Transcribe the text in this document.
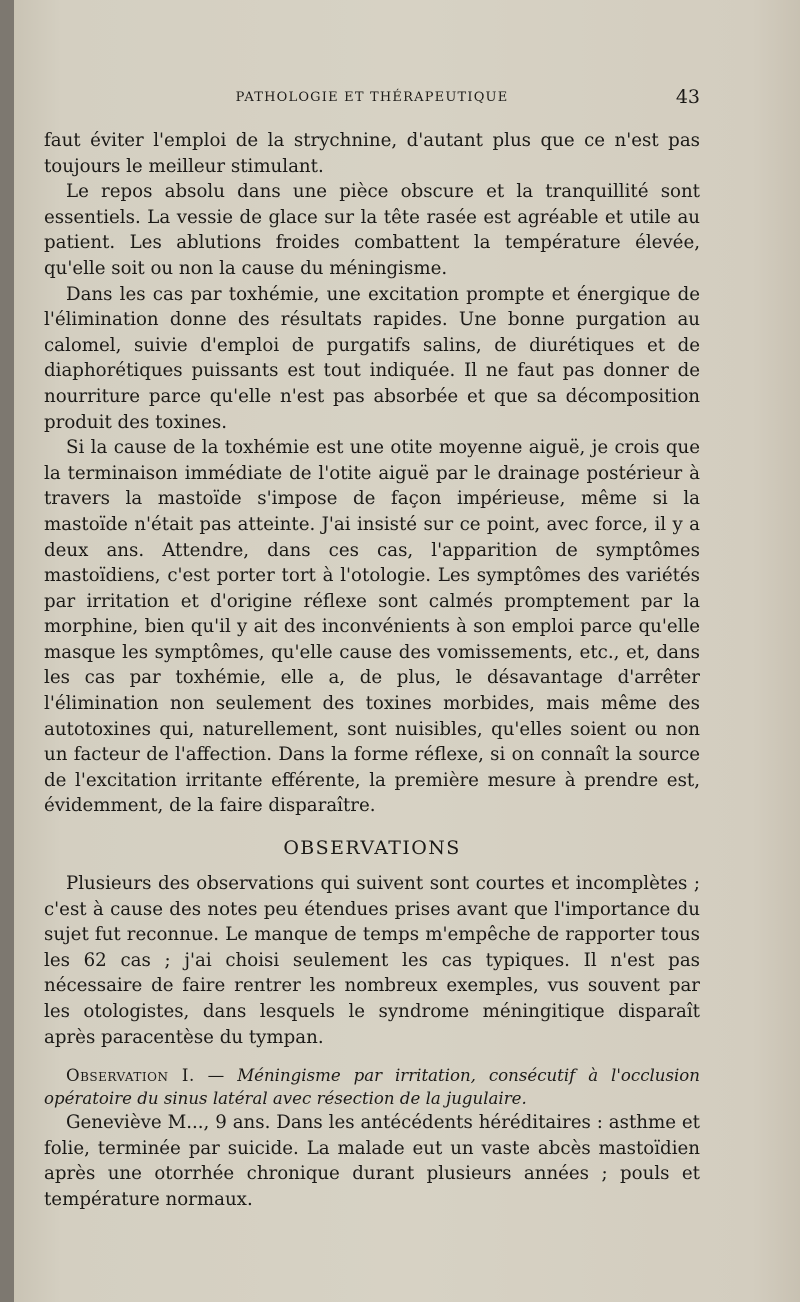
PATHOLOGIE ET THÉRAPEUTIQUE	43

faut éviter l'emploi de la strychnine, d'autant plus que ce n'est pas toujours le meilleur stimulant.

Le repos absolu dans une pièce obscure et la tranquillité sont essentiels. La vessie de glace sur la tête rasée est agréable et utile au patient. Les ablutions froides combattent la température élevée, qu'elle soit ou non la cause du méningisme.

Dans les cas par toxhémie, une excitation prompte et énergique de l'élimination donne des résultats rapides. Une bonne purgation au calomel, suivie d'emploi de purgatifs salins, de diurétiques et de diaphorétiques puissants est tout indiquée. Il ne faut pas donner de nourriture parce qu'elle n'est pas absorbée et que sa décomposition produit des toxines.

Si la cause de la toxhémie est une otite moyenne aiguë, je crois que la terminaison immédiate de l'otite aiguë par le drainage postérieur à travers la mastoïde s'impose de façon impérieuse, même si la mastoïde n'était pas atteinte. J'ai insisté sur ce point, avec force, il y a deux ans. Attendre, dans ces cas, l'apparition de symptômes mastoïdiens, c'est porter tort à l'otologie. Les symptômes des variétés par irritation et d'origine réflexe sont calmés promptement par la morphine, bien qu'il y ait des inconvénients à son emploi parce qu'elle masque les symptômes, qu'elle cause des vomissements, etc., et, dans les cas par toxhémie, elle a, de plus, le désavantage d'arrêter l'élimination non seulement des toxines morbides, mais même des autotoxines qui, naturellement, sont nuisibles, qu'elles soient ou non un facteur de l'affection. Dans la forme réflexe, si on connaît la source de l'excitation irritante efférente, la première mesure à prendre est, évidemment, de la faire disparaître.

OBSERVATIONS

Plusieurs des observations qui suivent sont courtes et incomplètes ; c'est à cause des notes peu étendues prises avant que l'importance du sujet fut reconnue. Le manque de temps m'empêche de rapporter tous les 62 cas ; j'ai choisi seulement les cas typiques. Il n'est pas nécessaire de faire rentrer les nombreux exemples, vus souvent par les otologistes, dans lesquels le syndrome méningitique disparaît après paracentèse du tympan.

Observation I. — Méningisme par irritation, consécutif à l'occlusion opératoire du sinus latéral avec résection de la jugulaire.

Geneviève M..., 9 ans. Dans les antécédents héréditaires : asthme et folie, terminée par suicide. La malade eut un vaste abcès mastoïdien après une otorrhée chronique durant plusieurs années ; pouls et température normaux.
